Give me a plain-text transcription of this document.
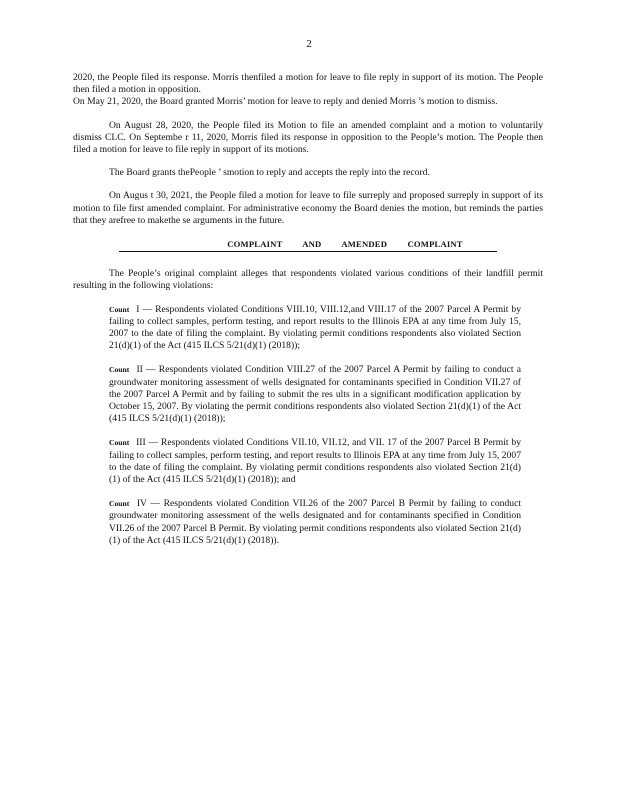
2

2020, the People filed its response. Morris thenfiled a motion for leave to file reply in support of its motion. The People then filed a motion in opposition.

On May 21, 2020, the Board granted Morris’ motion for leave to reply and denied Morris ’s motion to dismiss.

On August 28, 2020, the People filed its Motion to file an amended complaint and a motion to voluntarily dismiss CLC. On Septembe r 11, 2020, Morris filed its response in opposition to the People’s motion. The People then filed a motion for leave to file reply in support of its motions.

The Board grants thePeople ’ smotion to reply and accepts the reply into the record.

On Augus t 30, 2021, the People filed a motion for leave to file surreply and proposed surreply in support of its motion to file first amended complaint. For administrative economy the Board denies the motion, but reminds the parties that they arefree to makethe se arguments in the future.

COMPLAINT AND AMENDED COMPLAINT

The People’s original complaint alleges that respondents violated various conditions of their landfill permit resulting in the following violations:

Count I — Respondents violated Conditions VIII.10, VIII.12,and VIII.17 of the 2007 Parcel A Permit by failing to collect samples, perform testing, and report results to the Illinois EPA at any time from July 15, 2007 to the date of filing the complaint. By violating permit conditions respondents also violated Section 21(d)(1) of the Act (415 ILCS 5/21(d)(1) (2018));
Count II — Respondents violated Condition VIII.27 of the 2007 Parcel A Permit by failing to conduct a groundwater monitoring assessment of wells designated for contaminants specified in Condition VII.27 of the 2007 Parcel A Permit and by failing to submit the res ults in a significant modification application by October 15, 2007. By violating the permit conditions respondents also violated Section 21(d)(1) of the Act (415 ILCS 5/21(d)(1) (2018));
Count III — Respondents violated Conditions VII.10, VII.12, and VII. 17 of the 2007 Parcel B Permit by failing to collect samples, perform testing, and report results to Illinois EPA at any time from July 15, 2007 to the date of filing the complaint. By violating permit conditions respondents also violated Section 21(d)(1) of the Act (415 ILCS 5/21(d)(1) (2018)); and
Count IV — Respondents violated Condition VII.26 of the 2007 Parcel B Permit by failing to conduct groundwater monitoring assessment of the wells designated and for contaminants specified in Condition VII.26 of the 2007 Parcel B Permit. By violating permit conditions respondents also violated Section 21(d)(1) of the Act (415 ILCS 5/21(d)(1) (2018)).
